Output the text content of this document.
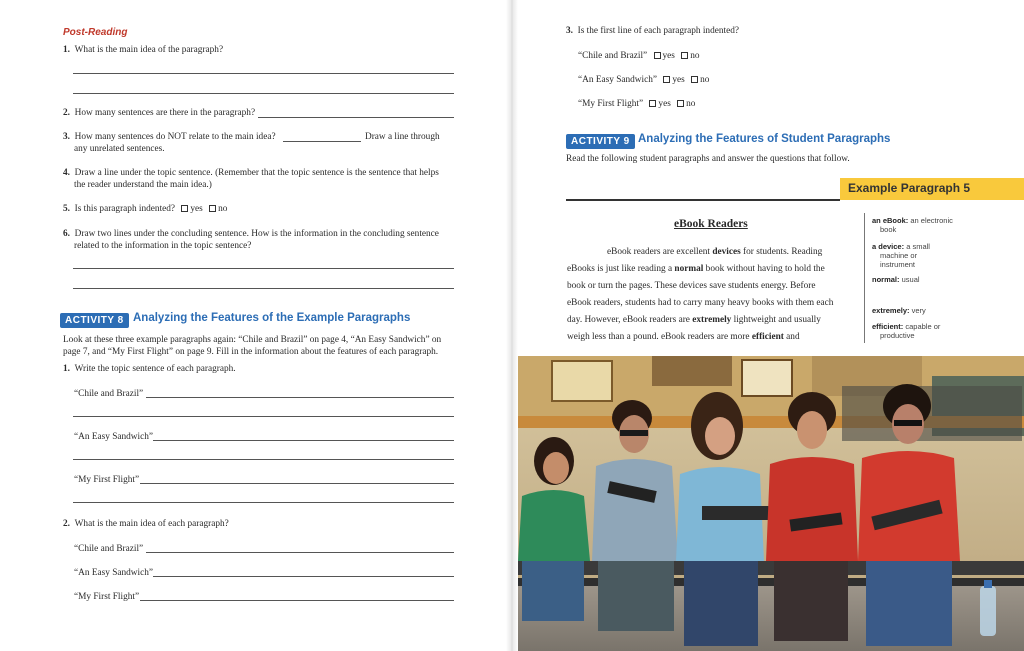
Post-Reading
1. What is the main idea of the paragraph?
2. How many sentences are there in the paragraph?
3. How many sentences do NOT relate to the main idea?	Draw a line through
any unrelated sentences.
4. Draw a line under the topic sentence. (Remember that the topic sentence is the sentence that helps
the reader understand the main idea.)
5. Is this paragraph indented? yes no
6. Draw two lines under the concluding sentence. How is the information in the concluding sentence
related to the information in the topic sentence?
ACTIVITY 8 Analyzing the Features of the Example Paragraphs
Look at these three example paragraphs again: “Chile and Brazil” on page 4, “An Easy Sandwich” on
page 7, and “My First Flight” on page 9. Fill in the information about the features of each paragraph.
1. Write the topic sentence of each paragraph.
“Chile and Brazil”
“An Easy Sandwich”
“My First Flight”
2. What is the main idea of each paragraph?
“Chile and Brazil”
“An Easy Sandwich”
“My First Flight”
3. Is the first line of each paragraph indented?
“Chile and Brazil” yes no
“An Easy Sandwich” yes no
“My First Flight” yes no
ACTIVITY 9 Analyzing the Features of Student Paragraphs
Read the following student paragraphs and answer the questions that follow.
Example Paragraph 5
eBook Readers
eBook readers are excellent devices for students. Reading
eBooks is just like reading a normal book without having to hold the
book or turn the pages. These devices save students energy. Before
eBook readers, students had to carry many heavy books with them each
day. However, eBook readers are extremely lightweight and usually
weigh less than a pound. eBook readers are more efficient and
an eBook: an electronic
book
a device: a small
machine or
instrument
normal: usual
extremely: very
efficient: capable or
productive
